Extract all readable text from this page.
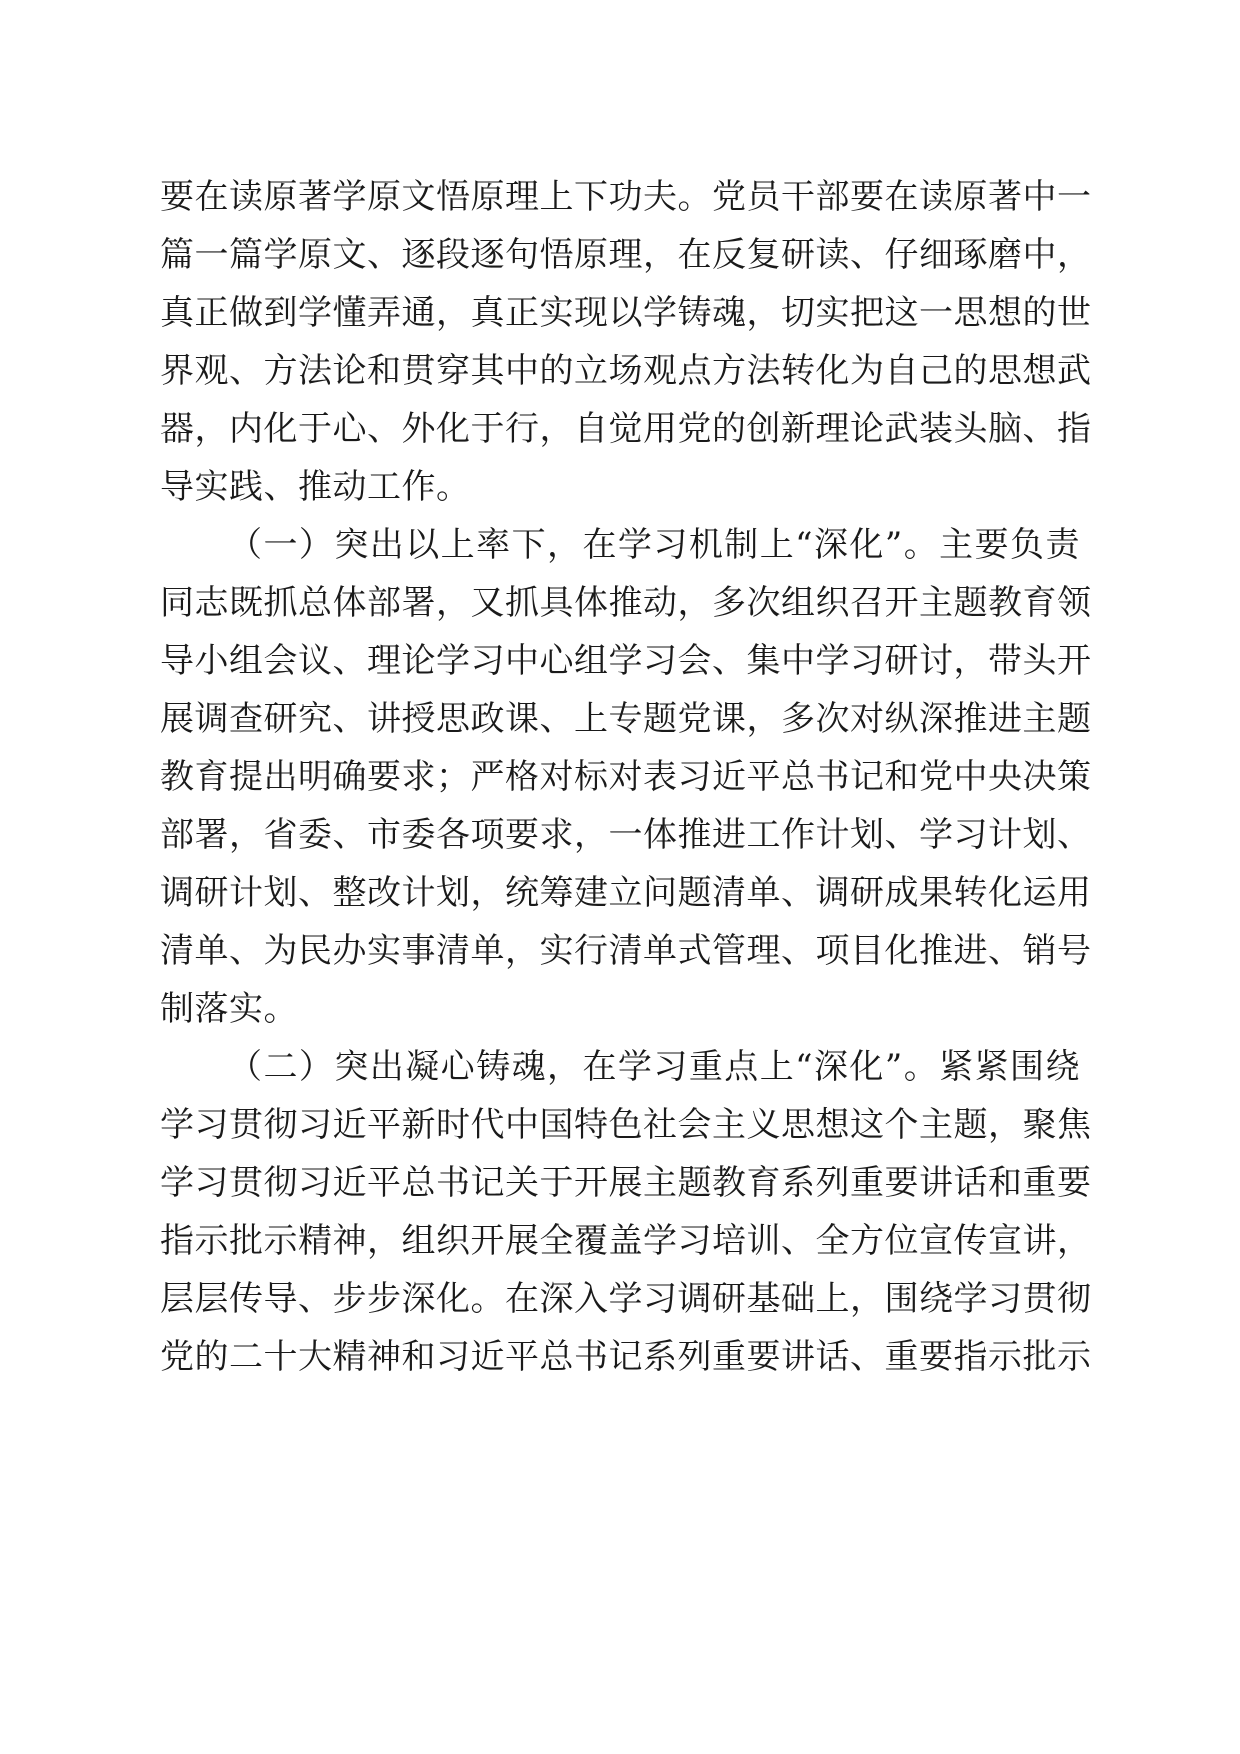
要在读原著学原文悟原理上下功夫。党员干部要在读原著中一
篇一篇学原文、逐段逐句悟原理，在反复研读、仔细琢磨中，
真正做到学懂弄通，真正实现以学铸魂，切实把这一思想的世
界观、方法论和贯穿其中的立场观点方法转化为自己的思想武
器，内化于心、外化于行，自觉用党的创新理论武装头脑、指
导实践、推动工作。
（一）突出以上率下，在学习机制上“深化”。主要负责
同志既抓总体部署，又抓具体推动，多次组织召开主题教育领
导小组会议、理论学习中心组学习会、集中学习研讨，带头开
展调查研究、讲授思政课、上专题党课，多次对纵深推进主题
教育提出明确要求；严格对标对表习近平总书记和党中央决策
部署，省委、市委各项要求，一体推进工作计划、学习计划、
调研计划、整改计划，统筹建立问题清单、调研成果转化运用
清单、为民办实事清单，实行清单式管理、项目化推进、销号
制落实。
（二）突出凝心铸魂，在学习重点上“深化”。紧紧围绕
学习贯彻习近平新时代中国特色社会主义思想这个主题，聚焦
学习贯彻习近平总书记关于开展主题教育系列重要讲话和重要
指示批示精神，组织开展全覆盖学习培训、全方位宣传宣讲，
层层传导、步步深化。在深入学习调研基础上，围绕学习贯彻
党的二十大精神和习近平总书记系列重要讲话、重要指示批示
